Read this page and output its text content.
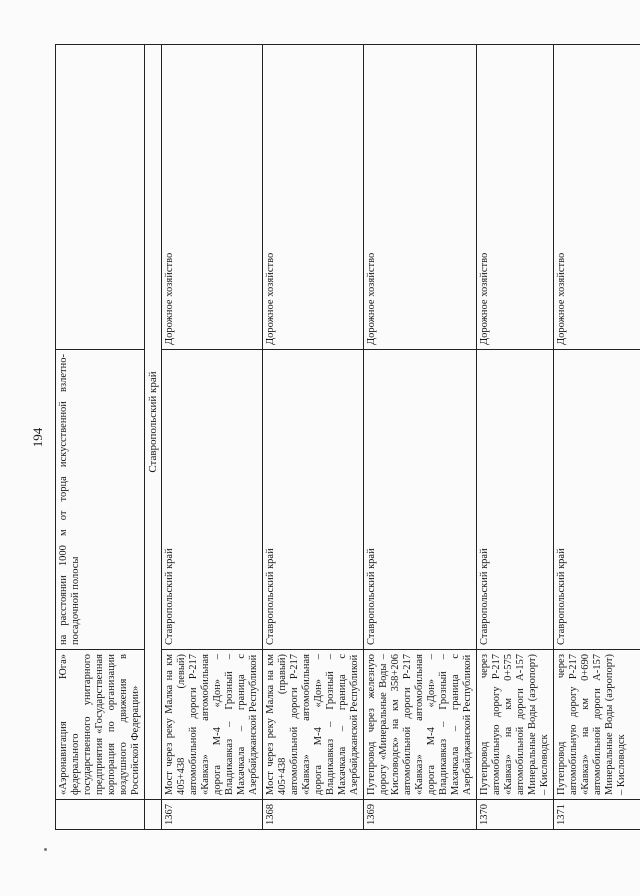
194
	«Аэронавигация Юга» федерального государственного унитарного предприятия «Государственная корпорация по организации воздушного движения в Российской Федерации»	на расстоянии 1000 м от торца искусственной взлетно-посадочной полосы	
	Ставропольский край		
1367	Мост через реку Малка на км 405+438 (левый) автомобильной дороги Р-217 «Кавказ» автомобильная дорога М-4 «Дон» – Владикавказ – Грозный – Махачкала – граница с Азербайджанской Республикой	Ставропольский край	Дорожное хозяйство
1368	Мост через реку Малка на км 405+438 (правый) автомобильной дороги Р-217 «Кавказ» автомобильная дорога М-4 «Дон» – Владикавказ – Грозный – Махачкала – граница с Азербайджанской Республикой	Ставропольский край	Дорожное хозяйство
1369	Путепровод через железную дорогу «Минеральные Воды – Кисловодск» на км 358+206 автомобильной дороги Р-217 «Кавказ» автомобильная дорога М-4 «Дон» – Владикавказ – Грозный – Махачкала – граница с Азербайджанской Республикой	Ставропольский край	Дорожное хозяйство
1370	Путепровод через автомобильную дорогу Р-217 «Кавказ» на км 0+575 автомобильной дороги А-157 Минеральные Воды (аэропорт) – Кисловодск	Ставропольский край	Дорожное хозяйство
1371	Путепровод через автомобильную дорогу Р-217 «Кавказ» на км 0+690 автомобильной дороги А-157 Минеральные Воды (аэропорт) – Кисловодск	Ставропольский край	Дорожное хозяйство
